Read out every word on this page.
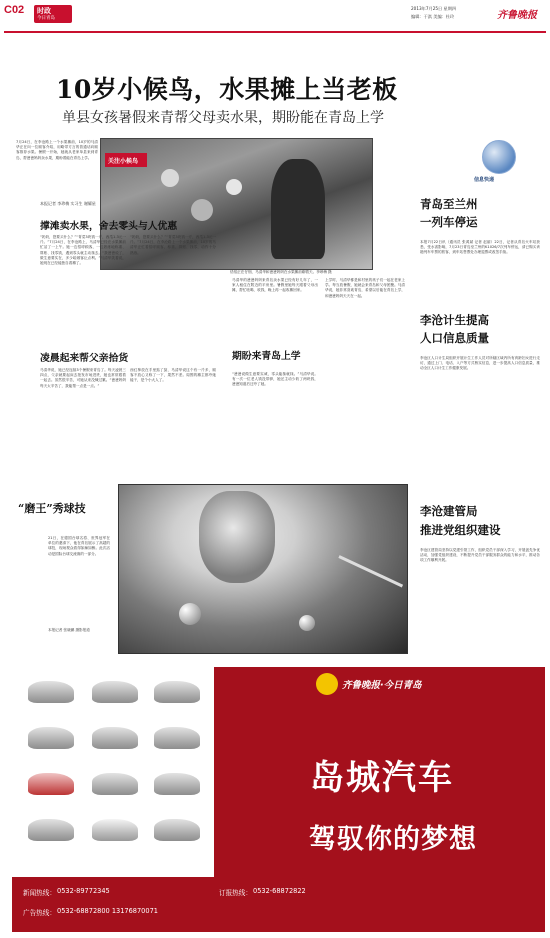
C02 时政
今日青岛
2013年7月25日 星期四
编辑：于淇 美编：杜玲	齐鲁晚报
10岁小候鸟，水果摊上当老板
单县女孩暑假来青帮父母卖水果，期盼能在青岛上学
7月24日，在李沧路上一个水果摊前，10岁的马清华正在向一位顾客介绍，用略带方言的普通话向顾客推荐水果。暑假一开始，她就从老家单县来到青岛，帮爸爸妈妈卖水果，期盼着能在青岛上学。
关注小候鸟
恬恬正在仔细，马清华和爸爸妈妈在水果摊前聊着天。李珍梅 摄
本报记者 李珍梅 实习生 谢耀星
撑滩卖水果，舍去零头与人优惠
“奶奶，您要买什么？”“青菜3块钱一斤，西瓜1.3元一斤。”7月24日，在李沧路上，马清华已经在水果摊前忙活了一上午。她一边招呼顾客，一边熟练地称重、算账、找零钱，遇到零头就主动抹去。“我爸爸说了，做生意要实在，多少给顾客让点利。”马清华笑着说，她现在已经能独自看摊了。
凌晨起来帮父亲拾货
马清华说，她已经连续3个暑假来青岛了。每天凌晨三四点，父亲就要起床去批发市场进货，她也常常跟着一起去。虽然很辛苦，可她从来没喊过累。“爸爸妈妈每天太辛苦了，我能帮一点是一点。”
“奶奶，您要买什么？”“青菜3块钱一斤，西瓜1.3元一斤。”7月24日，在李沧路上一个水果摊前，10岁的马清华正忙着招呼顾客，称重、算账、找零，动作十分熟练。
西红柿放在手里掂了掂，马清华说这个有一斤多，顾客不放心又称了一下，果然不差。周围的摊主都夸她能干，是个小大人了。
马清华的爸爸妈妈来青岛卖水果已经有好几年了，一家人租住在附近的平房里。暑假里她每天跟着父母出摊，帮忙吆喝、收钱，晚上再一起收摊回家。
“爸爸说做生意要实诚，零头能抹就抹。”马清华说。有一次一位老人钱没带够，她还主动少收了两块钱，爸爸知道后还夸了她。
期盼来青岛上学
上学时，马清华都是和村里的孩子们一起在老家上学。每当放暑假，她就会来青岛和父母团聚。马清华说，她非常喜欢青岛，希望以后能在青岛上学，和爸爸妈妈天天在一起。
“磨王”秀球技
21日，在德国台球名将、世界冠军在单位的邀请下，他在青岛展示了高超的球技，现场观众看得如痴如醉。此次活动是国际台球交流赛的一部分。
本报记者 张晓鹏 摄影报道
信息快递
青岛至兰州
一列车停运
本报7月22日讯（通讯员 张鸿斌 记者 赵丽）22日，记者从青岛火车站获悉，受水害影响，7月23日青岛至兰州的K1026/7次列车停运，请已购买该趟列车车票的旅客，到车站售票处办理退票或改签手续。
李沧计生提高
人口信息质量
李沧区人口计生局组织开展计生工作人员对所辖区域内所有育龄妇女进行走访，通过上门、电话、入户等方式核实信息，进一步提高人口信息质量，推动全区人口计生工作健康发展。
李沧建管局
推进党组织建设
李沧区建管局坚持以党建引领工作，组织党员干部深入学习，开展创先争优活动，加强党组织建设，不断提升党员干部服务群众的能力和水平，推动各项工作顺利开展。
齐鲁晚报·今日青岛
岛城汽车
驾驭你的梦想
新闻热线： 0532-89772345	订报热线： 0532-68872822
广告热线： 0532-68872800 13176870071
